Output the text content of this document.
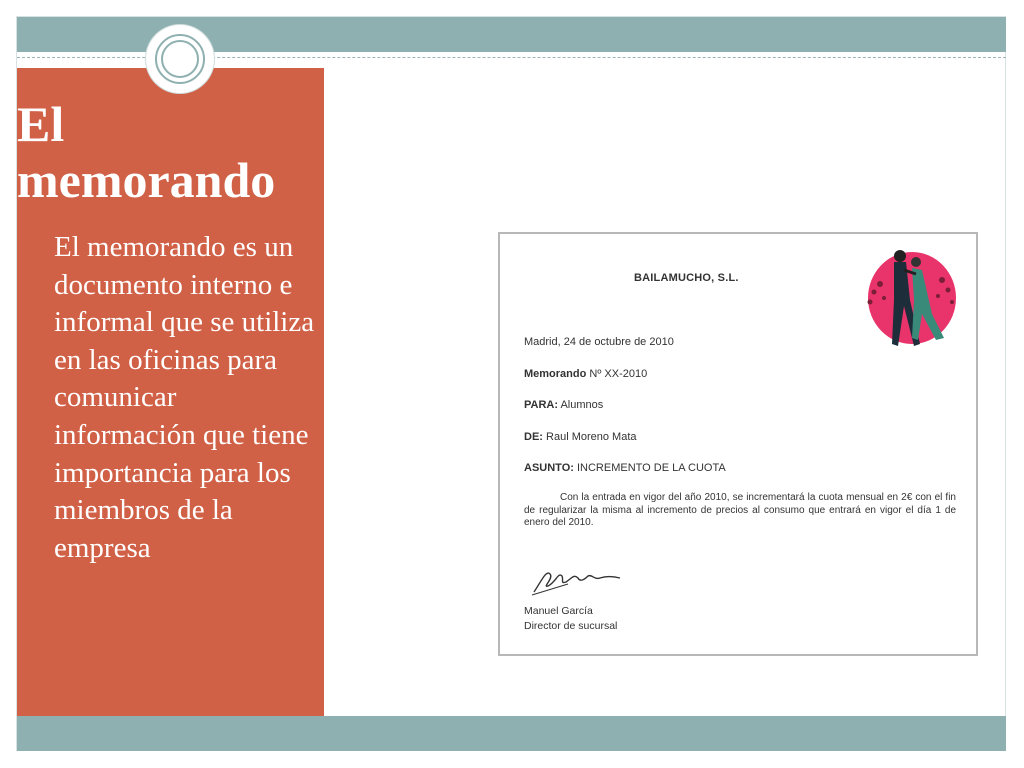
El
memorando

El memorando es un documento interno e informal que se utiliza en las oficinas para comunicar información que tiene importancia para los miembros de la empresa

BAILAMUCHO, S.L.
Madrid, 24 de octubre de 2010
Memorando Nº XX-2010
PARA: Alumnos
DE: Raul Moreno Mata
ASUNTO: INCREMENTO DE LA CUOTA
Con la entrada en vigor del año 2010, se incrementará la cuota mensual en 2€ con el fin de regularizar la misma al incremento de precios al consumo que entrará en vigor el día 1 de enero del 2010.
Manuel García
Director de sucursal
